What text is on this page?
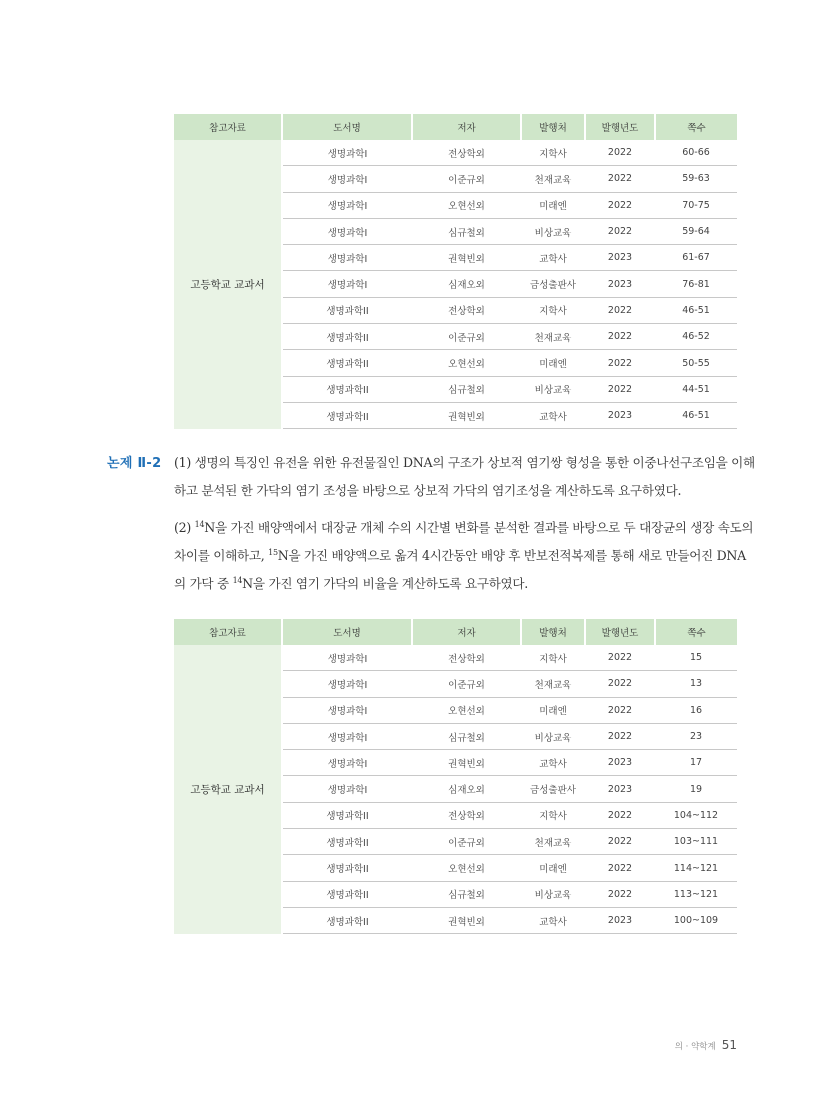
참고자료	도서명	저자	발행처	발행년도	쪽수
고등학교 교과서	생명과학I	전상학외	지학사	2022	60-66
	생명과학I	이준규외	천재교육	2022	59-63
	생명과학I	오현선외	미래엔	2022	70-75
	생명과학I	심규철외	비상교육	2022	59-64
	생명과학I	권혁빈외	교학사	2023	61-67
	생명과학I	심재오외	금성출판사	2023	76-81
	생명과학II	전상학외	지학사	2022	46-51
	생명과학II	이준규외	천재교육	2022	46-52
	생명과학II	오현선외	미래엔	2022	50-55
	생명과학II	심규철외	비상교육	2022	44-51
	생명과학II	권혁빈외	교학사	2023	46-51
논제 Ⅱ-2 (1) 생명의 특징인 유전을 위한 유전물질인 DNA의 구조가 상보적 염기쌍 형성을 통한 이중나선구조임을 이해
하고 분석된 한 가닥의 염기 조성을 바탕으로 상보적 가닥의 염기조성을 계산하도록 요구하였다.
(2) $^{14}$N을 가진 배양액에서 대장균 개체 수의 시간별 변화를 분석한 결과를 바탕으로 두 대장균의 생장 속도의
차이를 이해하고, $^{15}$N을 가진 배양액으로 옮겨 4시간동안 배양 후 반보전적복제를 통해 새로 만들어진 DNA
의 가닥 중 $^{14}$N을 가진 염기 가닥의 비율을 계산하도록 요구하였다.
참고자료	도서명	저자	발행처	발행년도	쪽수
고등학교 교과서	생명과학I	전상학외	지학사	2022	15
	생명과학I	이준규외	천재교육	2022	13
	생명과학I	오현선외	미래엔	2022	16
	생명과학I	심규철외	비상교육	2022	23
	생명과학I	권혁빈외	교학사	2023	17
	생명과학I	심재오외	금성출판사	2023	19
	생명과학II	전상학외	지학사	2022	104~112
	생명과학II	이준규외	천재교육	2022	103~111
	생명과학II	오현선외	미래엔	2022	114~121
	생명과학II	심규철외	비상교육	2022	113~121
	생명과학II	권혁빈외	교학사	2023	100~109
의 · 약학계 51
